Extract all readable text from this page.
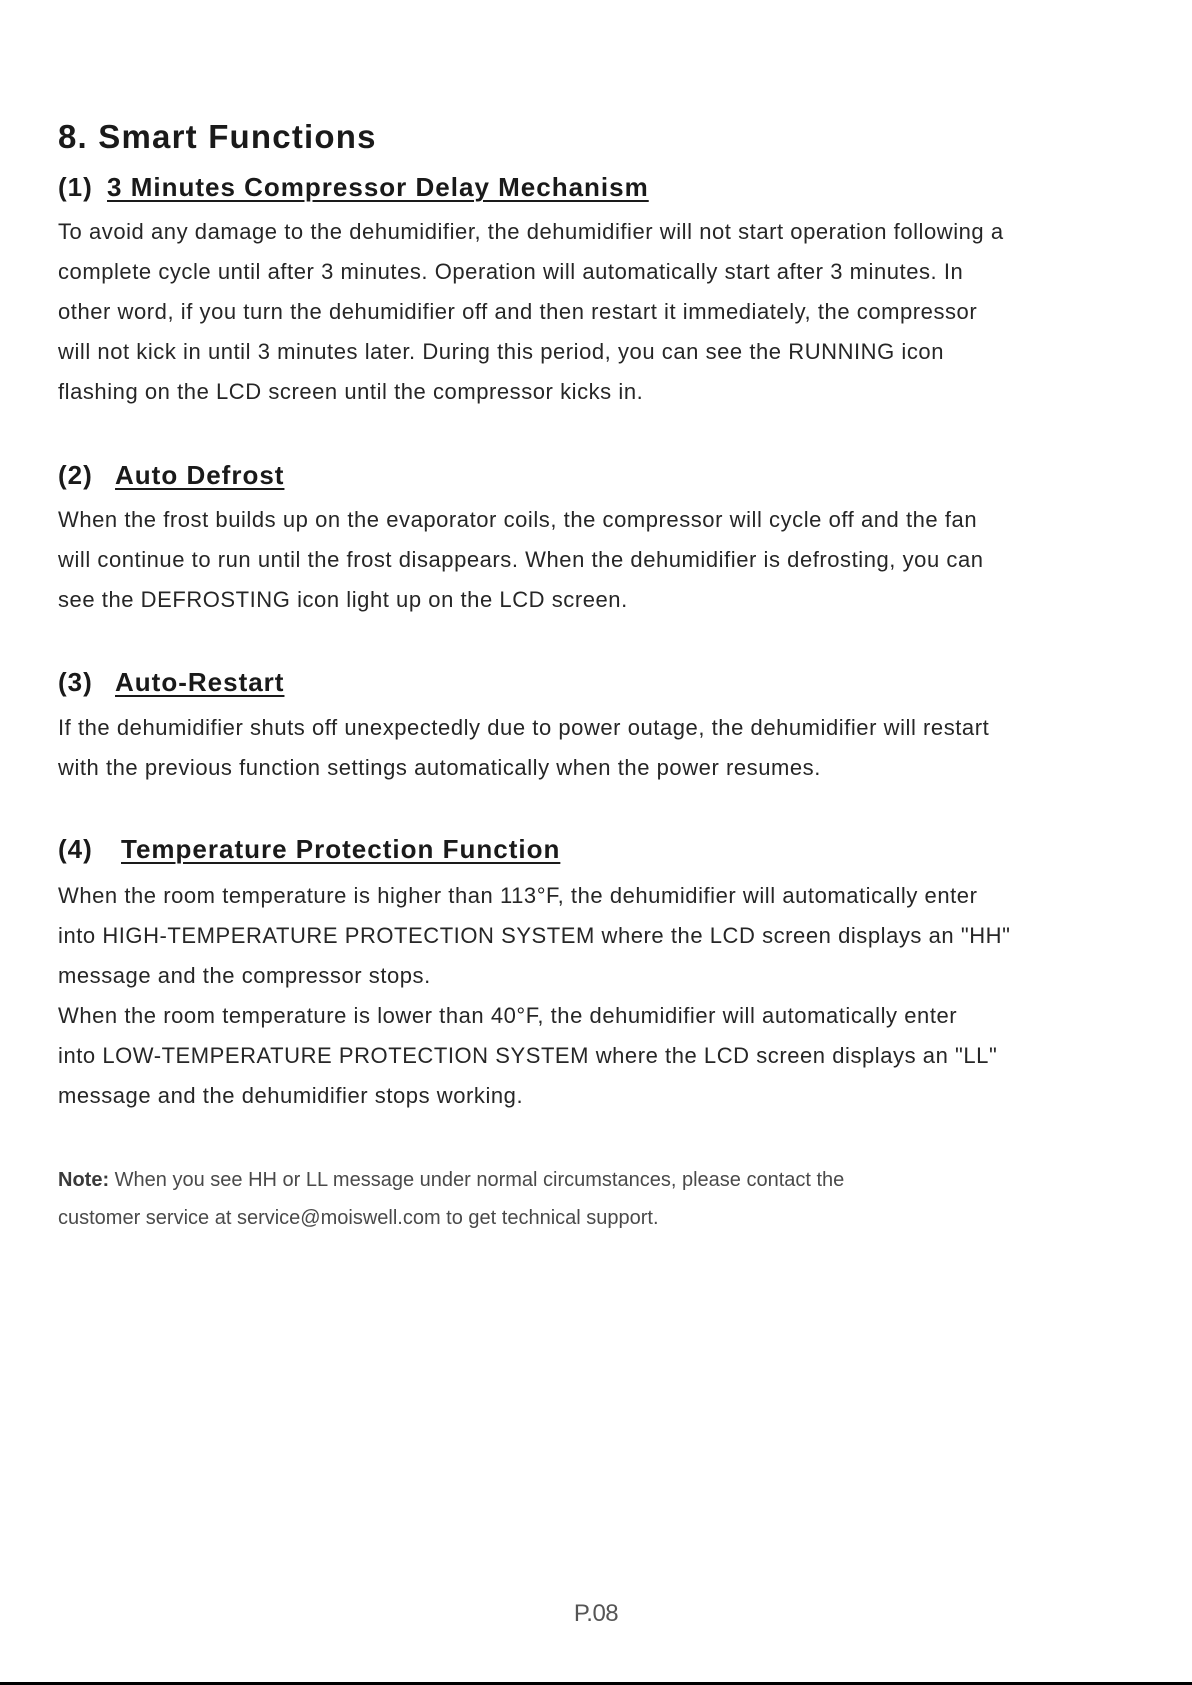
8. Smart Functions
(1) 3 Minutes Compressor Delay Mechanism
To avoid any damage to the dehumidifier, the dehumidifier will not start operation following a
complete cycle until after 3 minutes. Operation will automatically start after 3 minutes. In
other word, if you turn the dehumidifier off and then restart it immediately, the compressor
will not kick in until 3 minutes later. During this period, you can see the RUNNING icon
flashing on the LCD screen until the compressor kicks in.
(2) Auto Defrost
When the frost builds up on the evaporator coils, the compressor will cycle off and the fan
will continue to run until the frost disappears. When the dehumidifier is defrosting, you can
see the DEFROSTING icon light up on the LCD screen.
(3) Auto-Restart
If the dehumidifier shuts off unexpectedly due to power outage, the dehumidifier will restart
with the previous function settings automatically when the power resumes.
(4) Temperature Protection Function
When the room temperature is higher than 113°F, the dehumidifier will automatically enter
into HIGH-TEMPERATURE PROTECTION SYSTEM where the LCD screen displays an "HH"
message and the compressor stops.
When the room temperature is lower than 40°F, the dehumidifier will automatically enter
into LOW-TEMPERATURE PROTECTION SYSTEM where the LCD screen displays an "LL"
message and the dehumidifier stops working.
Note: When you see HH or LL message under normal circumstances, please contact the
customer service at service@moiswell.com to get technical support.
P.08
